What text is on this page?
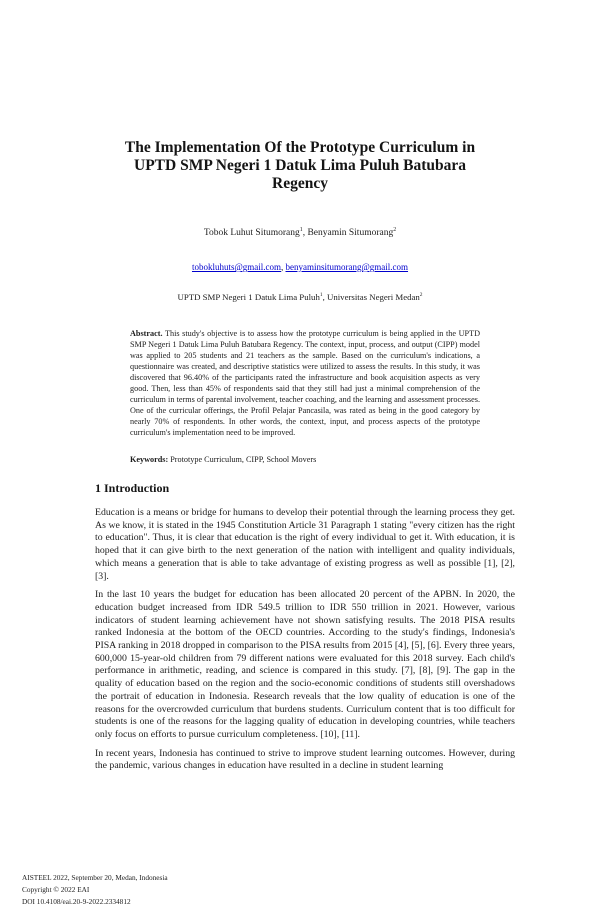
The Implementation Of the Prototype Curriculum in UPTD SMP Negeri 1 Datuk Lima Puluh Batubara Regency
Tobok Luhut Situmorang$^1$, Benyamin Situmorang$^2$
tobokluhuts@gmail.com, benyaminsitumorang@gmail.com
UPTD SMP Negeri 1 Datuk Lima Puluh$^1$, Universitas Negeri Medan$^2$
Abstract. This study's objective is to assess how the prototype curriculum is being applied in the UPTD SMP Negeri 1 Datuk Lima Puluh Batubara Regency. The context, input, process, and output (CIPP) model was applied to 205 students and 21 teachers as the sample. Based on the curriculum's indications, a questionnaire was created, and descriptive statistics were utilized to assess the results. In this study, it was discovered that 96.40% of the participants rated the infrastructure and book acquisition aspects as very good. Then, less than 45% of respondents said that they still had just a minimal comprehension of the curriculum in terms of parental involvement, teacher coaching, and the learning and assessment processes. One of the curricular offerings, the Profil Pelajar Pancasila, was rated as being in the good category by nearly 70% of respondents. In other words, the context, input, and process aspects of the prototype curriculum's implementation need to be improved.
Keywords: Prototype Curriculum, CIPP, School Movers
1 Introduction

Education is a means or bridge for humans to develop their potential through the learning process they get. As we know, it is stated in the 1945 Constitution Article 31 Paragraph 1 stating "every citizen has the right to education". Thus, it is clear that education is the right of every individual to get it. With education, it is hoped that it can give birth to the next generation of the nation with intelligent and quality individuals, which means a generation that is able to take advantage of existing progress as well as possible [1], [2], [3].

In the last 10 years the budget for education has been allocated 20 percent of the APBN. In 2020, the education budget increased from IDR 549.5 trillion to IDR 550 trillion in 2021. However, various indicators of student learning achievement have not shown satisfying results. The 2018 PISA results ranked Indonesia at the bottom of the OECD countries. According to the study's findings, Indonesia's PISA ranking in 2018 dropped in comparison to the PISA results from 2015 [4], [5], [6]. Every three years, 600,000 15-year-old children from 79 different nations were evaluated for this 2018 survey. Each child's performance in arithmetic, reading, and science is compared in this study. [7], [8], [9]. The gap in the quality of education based on the region and the socio-economic conditions of students still overshadows the portrait of education in Indonesia. Research reveals that the low quality of education is one of the reasons for the overcrowded curriculum that burdens students. Curriculum content that is too difficult for students is one of the reasons for the lagging quality of education in developing countries, while teachers only focus on efforts to pursue curriculum completeness. [10], [11].

In recent years, Indonesia has continued to strive to improve student learning outcomes. However, during the pandemic, various changes in education have resulted in a decline in student learning

AISTEEL 2022, September 20, Medan, Indonesia
Copyright © 2022 EAI
DOI 10.4108/eai.20-9-2022.2334812
